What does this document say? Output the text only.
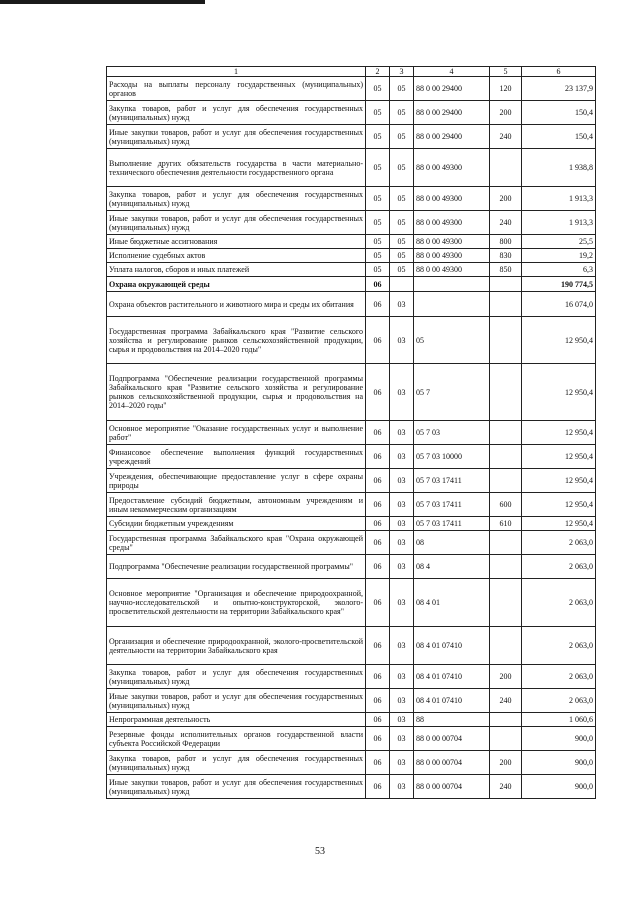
1	2	3	4	5	6
Расходы на выплаты персоналу государственных (муниципальных) органов	05	05	88 0 00 29400	120	23 137,9
Закупка товаров, работ и услуг для обеспечения государственных (муниципальных) нужд	05	05	88 0 00 29400	200	150,4
Иные закупки товаров, работ и услуг для обеспечения государственных (муниципальных) нужд	05	05	88 0 00 29400	240	150,4
Выполнение других обязательств государства в части материально-технического обеспечения деятельности государственного органа	05	05	88 0 00 49300		1 938,8
Закупка товаров, работ и услуг для обеспечения государственных (муниципальных) нужд	05	05	88 0 00 49300	200	1 913,3
Иные закупки товаров, работ и услуг для обеспечения государственных (муниципальных) нужд	05	05	88 0 00 49300	240	1 913,3
Иные бюджетные ассигнования	05	05	88 0 00 49300	800	25,5
Исполнение судебных актов	05	05	88 0 00 49300	830	19,2
Уплата налогов, сборов и иных платежей	05	05	88 0 00 49300	850	6,3
Охрана окружающей среды	06				190 774,5
Охрана объектов растительного и животного мира и среды их обитания	06	03			16 074,0
Государственная программа Забайкальского края "Развитие сельского хозяйства и регулирование рынков сельскохозяйственной продукции, сырья и продовольствия на 2014–2020 годы"	06	03	05		12 950,4
Подпрограмма "Обеспечение реализации государственной программы Забайкальского края "Развитие сельского хозяйства и регулирование рынков сельскохозяйственной продукции, сырья и продовольствия на 2014–2020 годы"	06	03	05 7		12 950,4
Основное мероприятие "Оказание государственных услуг и выполнение работ"	06	03	05 7 03		12 950,4
Финансовое обеспечение выполнения функций государственных учреждений	06	03	05 7 03 10000		12 950,4
Учреждения, обеспечивающие предоставление услуг в сфере охраны природы	06	03	05 7 03 17411		12 950,4
Предоставление субсидий бюджетным, автономным учреждениям и иным некоммерческим организациям	06	03	05 7 03 17411	600	12 950,4
Субсидии бюджетным учреждениям	06	03	05 7 03 17411	610	12 950,4
Государственная программа Забайкальского края "Охрана окружающей среды"	06	03	08		2 063,0
Подпрограмма "Обеспечение реализации государственной программы"	06	03	08 4		2 063,0
Основное мероприятие "Организация и обеспечение природоохранной, научно-исследовательской и опытно-конструкторской, эколого-просветительской деятельности на территории Забайкальского края"	06	03	08 4 01		2 063,0
Организация и обеспечение природоохранной, эколого-просветительской деятельности на территории Забайкальского края	06	03	08 4 01 07410		2 063,0
Закупка товаров, работ и услуг для обеспечения государственных (муниципальных) нужд	06	03	08 4 01 07410	200	2 063,0
Иные закупки товаров, работ и услуг для обеспечения государственных (муниципальных) нужд	06	03	08 4 01 07410	240	2 063,0
Непрограммная деятельность	06	03	88		1 060,6
Резервные фонды исполнительных органов государственной власти субъекта Российской Федерации	06	03	88 0 00 00704		900,0
Закупка товаров, работ и услуг для обеспечения государственных (муниципальных) нужд	06	03	88 0 00 00704	200	900,0
Иные закупки товаров, работ и услуг для обеспечения государственных (муниципальных) нужд	06	03	88 0 00 00704	240	900,0
53
